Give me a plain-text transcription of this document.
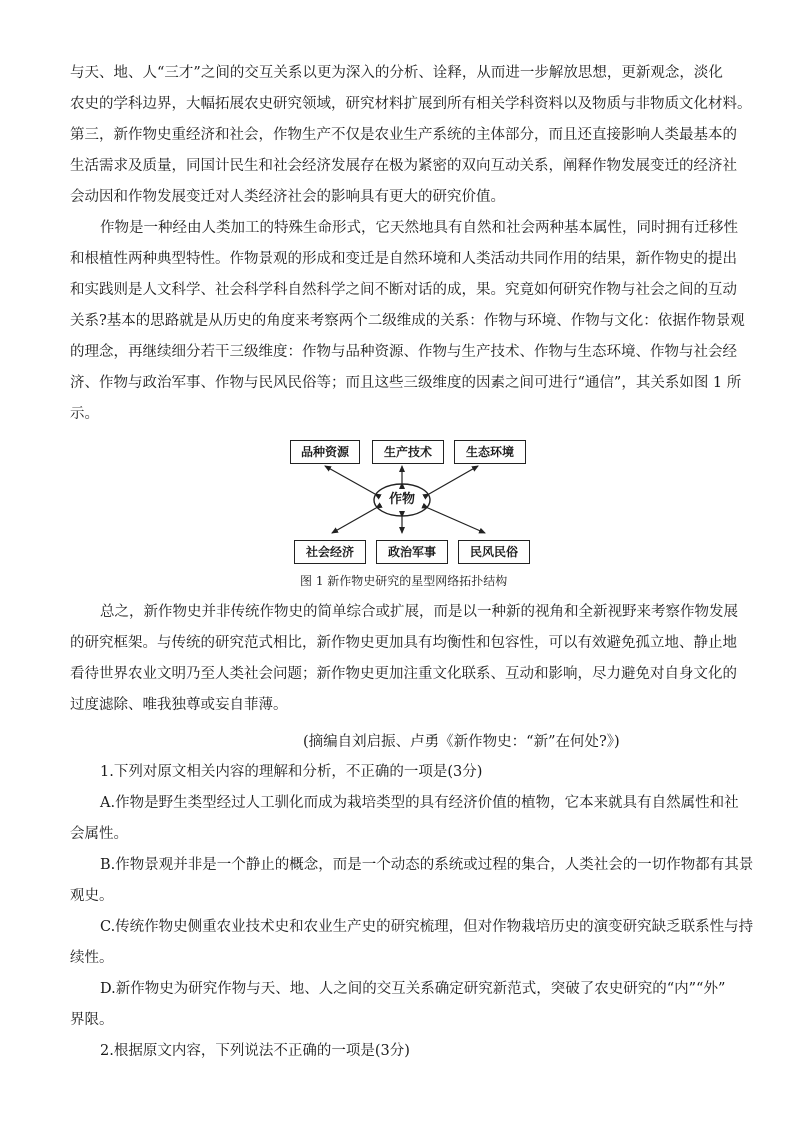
与天、地、人“三才”之间的交互关系以更为深入的分析、诠释，从而进一步解放思想，更新观念，淡化
农史的学科边界，大幅拓展农史研究领域，研究材料扩展到所有相关学科资料以及物质与非物质文化材料。
第三，新作物史重经济和社会，作物生产不仅是农业生产系统的主体部分，而且还直接影响人类最基本的
生活需求及质量，同国计民生和社会经济发展存在极为紧密的双向互动关系，阐释作物发展变迁的经济社
会动因和作物发展变迁对人类经济社会的影响具有更大的研究价值。
作物是一种经由人类加工的特殊生命形式，它天然地具有自然和社会两种基本属性，同时拥有迁移性
和根植性两种典型特性。作物景观的形成和变迁是自然环境和人类活动共同作用的结果，新作物史的提出
和实践则是人文科学、社会科学科自然科学之间不断对话的成，果。究竟如何研究作物与社会之间的互动
关系?基本的思路就是从历史的角度来考察两个二级维成的关系：作物与环境、作物与文化：依据作物景观
的理念，再继续细分若干三级维度：作物与品种资源、作物与生产技术、作物与生态环境、作物与社会经
济、作物与政治军事、作物与民风民俗等；而且这些三级维度的因素之间可进行“通信”，其关系如图 1 所
示。
品种资源	生产技术	生态环境
作物
社会经济	政治军事	民风民俗
图 1 新作物史研究的星型网络拓扑结构
总之，新作物史并非传统作物史的简单综合或扩展，而是以一种新的视角和全新视野来考察作物发展
的研究框架。与传统的研究范式相比，新作物史更加具有均衡性和包容性，可以有效避免孤立地、静止地
看待世界农业文明乃至人类社会问题；新作物史更加注重文化联系、互动和影响，尽力避免对自身文化的
过度滤除、唯我独尊或妄自菲薄。
(摘编自刘启振、卢勇《新作物史：“新”在何处?》)
1.下列对原文相关内容的理解和分析，不正确的一项是(3分)
A.作物是野生类型经过人工驯化而成为栽培类型的具有经济价值的植物，它本来就具有自然属性和社
会属性。
B.作物景观并非是一个静止的概念，而是一个动态的系统或过程的集合，人类社会的一切作物都有其景
观史。
C.传统作物史侧重农业技术史和农业生产史的研究梳理，但对作物栽培历史的演变研究缺乏联系性与持
续性。
D.新作物史为研究作物与天、地、人之间的交互关系确定研究新范式，突破了农史研究的“内”“外”
界限。
2.根据原文内容，下列说法不正确的一项是(3分)
